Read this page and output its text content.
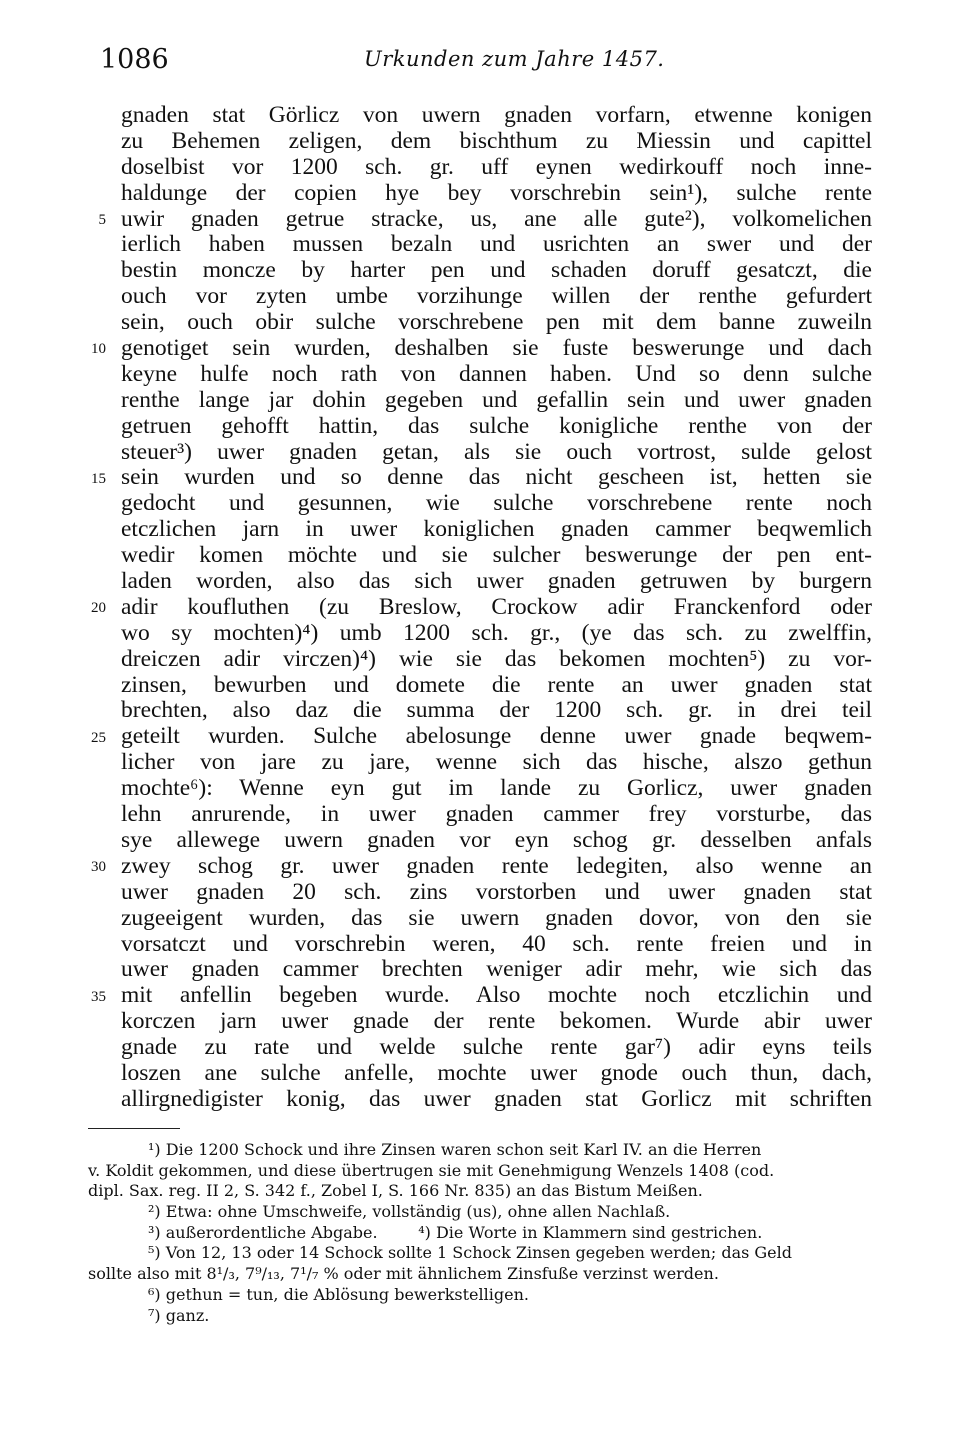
1086	Urkunden zum Jahre 1457.
5
10
15
20
25
30
35
gnaden stat Görlicz von uwern gnaden vorfarn, etwenne konigen
zu Behemen zeligen, dem bischthum zu Miessin und capittel
doselbist vor 1200 sch. gr. uff eynen wedirkouff noch inne-
haldunge der copien hye bey vorschrebin sein¹), sulche rente
uwir gnaden getrue stracke, us, ane alle gute²), volkomelichen
ierlich haben mussen bezaln und usrichten an swer und der
bestin moncze by harter pen und schaden doruff gesatczt, die
ouch vor zyten umbe vorzihunge willen der renthe gefurdert
sein, ouch obir sulche vorschrebene pen mit dem banne zuweiln
genotiget sein wurden, deshalben sie fuste beswerunge und dach
keyne hulfe noch rath von dannen haben. Und so denn sulche
renthe lange jar dohin gegeben und gefallin sein und uwer gnaden
getruen gehofft hattin, das sulche konigliche renthe von der
steuer³) uwer gnaden getan, als sie ouch vortrost, sulde gelost
sein wurden und so denne das nicht gescheen ist, hetten sie
gedocht und gesunnen, wie sulche vorschrebene rente noch
etczlichen jarn in uwer koniglichen gnaden cammer beqwemlich
wedir komen möchte und sie sulcher beswerunge der pen ent-
laden worden, also das sich uwer gnaden getruwen by burgern
adir koufluthen (zu Breslow, Crockow adir Franckenford oder
wo sy mochten)⁴) umb 1200 sch. gr., (ye das sch. zu zwelffin,
dreiczen adir virczen)⁴) wie sie das bekomen mochten⁵) zu vor-
zinsen, bewurben und domete die rente an uwer gnaden stat
brechten, also daz die summa der 1200 sch. gr. in drei teil
geteilt wurden. Sulche abelosunge denne uwer gnade beqwem-
licher von jare zu jare, wenne sich das hische, alszo gethun
mochte⁶): Wenne eyn gut im lande zu Gorlicz, uwer gnaden
lehn anrurende, in uwer gnaden cammer frey vorsturbe, das
sye allewege uwern gnaden vor eyn schog gr. desselben anfals
zwey schog gr. uwer gnaden rente ledegiten, also wenne an
uwer gnaden 20 sch. zins vorstorben und uwer gnaden stat
zugeeigent wurden, das sie uwern gnaden dovor, von den sie
vorsatczt und vorschrebin weren, 40 sch. rente freien und in
uwer gnaden cammer brechten weniger adir mehr, wie sich das
mit anfellin begeben wurde. Also mochte noch etczlichin und
korczen jarn uwer gnade der rente bekomen. Wurde abir uwer
gnade zu rate und welde sulche rente gar⁷) adir eyns teils
loszen ane sulche anfelle, mochte uwer gnode ouch thun, dach,
allirgnedigister konig, das uwer gnaden stat Gorlicz mit schriften
¹) Die 1200 Schock und ihre Zinsen waren schon seit Karl IV. an die Herren
v. Koldit gekommen, und diese übertrugen sie mit Genehmigung Wenzels 1408 (cod.
dipl. Sax. reg. II 2, S. 342 f., Zobel I, S. 166 Nr. 835) an das Bistum Meißen.
²) Etwa: ohne Umschweife, vollständig (us), ohne allen Nachlaß.
³) außerordentliche Abgabe.        ⁴) Die Worte in Klammern sind gestrichen.
⁵) Von 12, 13 oder 14 Schock sollte 1 Schock Zinsen gegeben werden; das Geld
sollte also mit 8¹/₃, 7⁹/₁₃, 7¹/₇ % oder mit ähnlichem Zinsfuße verzinst werden.
⁶) gethun = tun, die Ablösung bewerkstelligen.
⁷) ganz.
